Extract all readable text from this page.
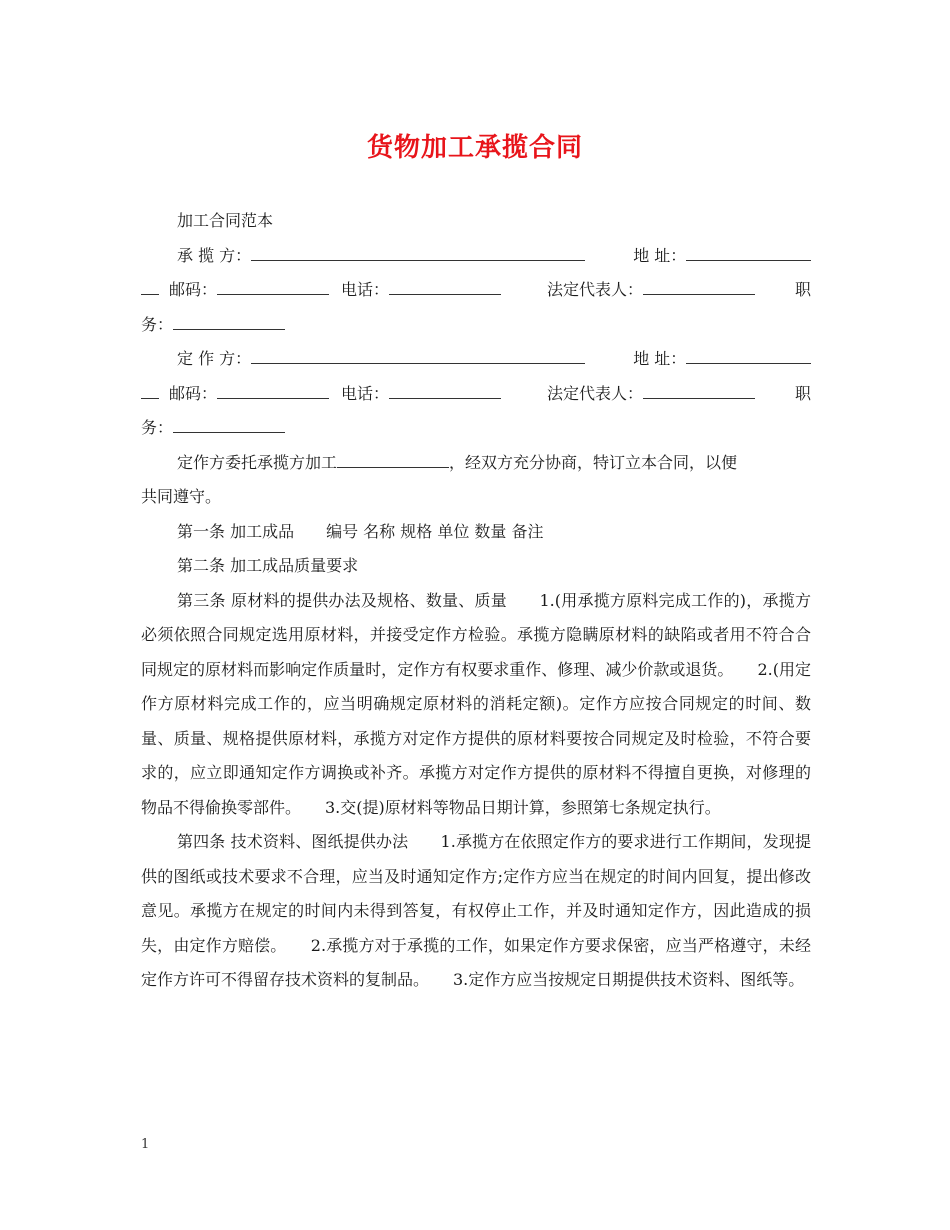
货物加工承揽合同

加工合同范本

承 揽 方：	地 址：
邮码：	电话：	法定代表人：	职
务：
定 作 方：	地 址：
邮码：	电话：	法定代表人：	职
务：
定作方委托承揽方加工	，经双方充分协商，特订立本合同，以便
共同遵守。

第一条 加工成品　　编号 名称 规格 单位 数量 备注

第二条 加工成品质量要求

第三条 原材料的提供办法及规格、数量、质量　　1.(用承揽方原料完成工作的)，承揽方必须依照合同规定选用原材料，并接受定作方检验。承揽方隐瞒原材料的缺陷或者用不符合合同规定的原材料而影响定作质量时，定作方有权要求重作、修理、减少价款或退货。　　2.(用定作方原材料完成工作的，应当明确规定原材料的消耗定额)。定作方应按合同规定的时间、数量、质量、规格提供原材料，承揽方对定作方提供的原材料要按合同规定及时检验，不符合要求的，应立即通知定作方调换或补齐。承揽方对定作方提供的原材料不得擅自更换，对修理的物品不得偷换零部件。　　3.交(提)原材料等物品日期计算，参照第七条规定执行。

第四条 技术资料、图纸提供办法　　1.承揽方在依照定作方的要求进行工作期间，发现提供的图纸或技术要求不合理，应当及时通知定作方;定作方应当在规定的时间内回复，提出修改意见。承揽方在规定的时间内未得到答复，有权停止工作，并及时通知定作方，因此造成的损失，由定作方赔偿。　　2.承揽方对于承揽的工作，如果定作方要求保密，应当严格遵守，未经定作方许可不得留存技术资料的复制品。　　3.定作方应当按规定日期提供技术资料、图纸等。

1
